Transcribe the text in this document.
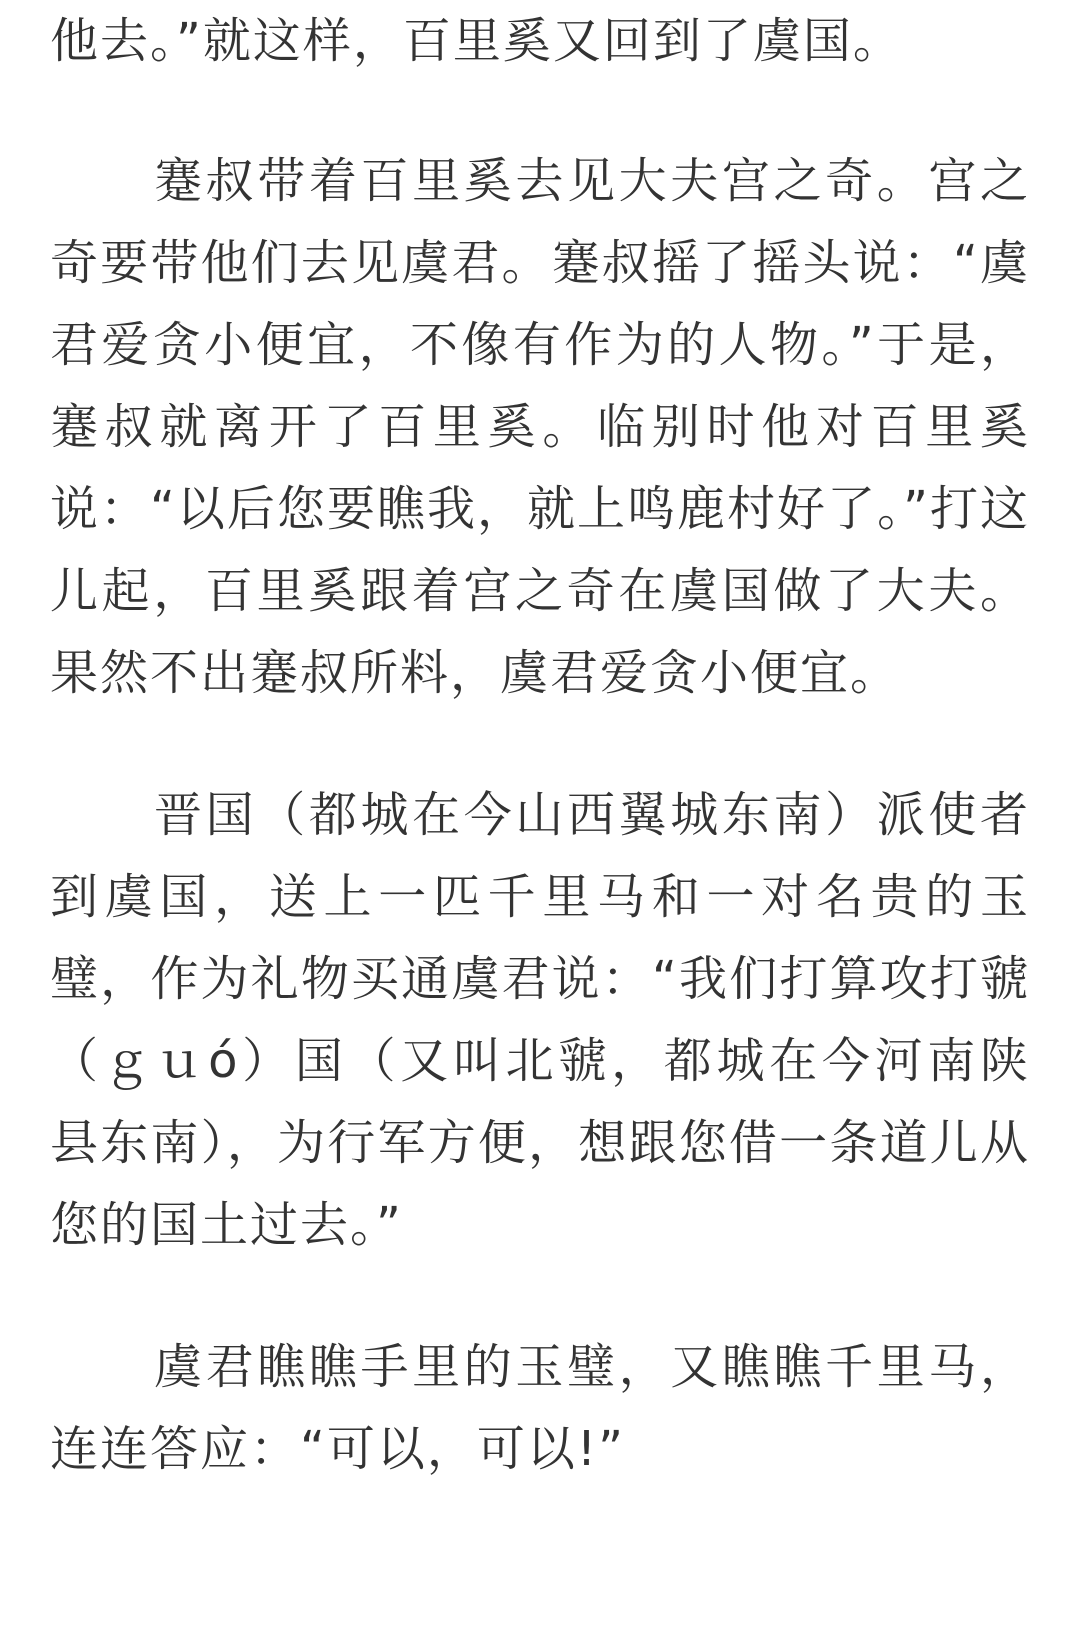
他去。”就这样，百里奚又回到了虞国。

蹇叔带着百里奚去见大夫宫之奇。宫之奇要带他们去见虞君。蹇叔摇了摇头说：“虞君爱贪小便宜，不像有作为的人物。”于是，蹇叔就离开了百里奚。临别时他对百里奚说：“以后您要瞧我，就上鸣鹿村好了。”打这儿起，百里奚跟着宫之奇在虞国做了大夫。果然不出蹇叔所料，虞君爱贪小便宜。

晋国（都城在今山西翼城东南）派使者到虞国，送上一匹千里马和一对名贵的玉璧，作为礼物买通虞君说：“我们打算攻打虢（ｇｕó）国（又叫北虢，都城在今河南陕县东南），为行军方便，想跟您借一条道儿从您的国土过去。”

虞君瞧瞧手里的玉璧，又瞧瞧千里马，连连答应：“可以，可以!”
